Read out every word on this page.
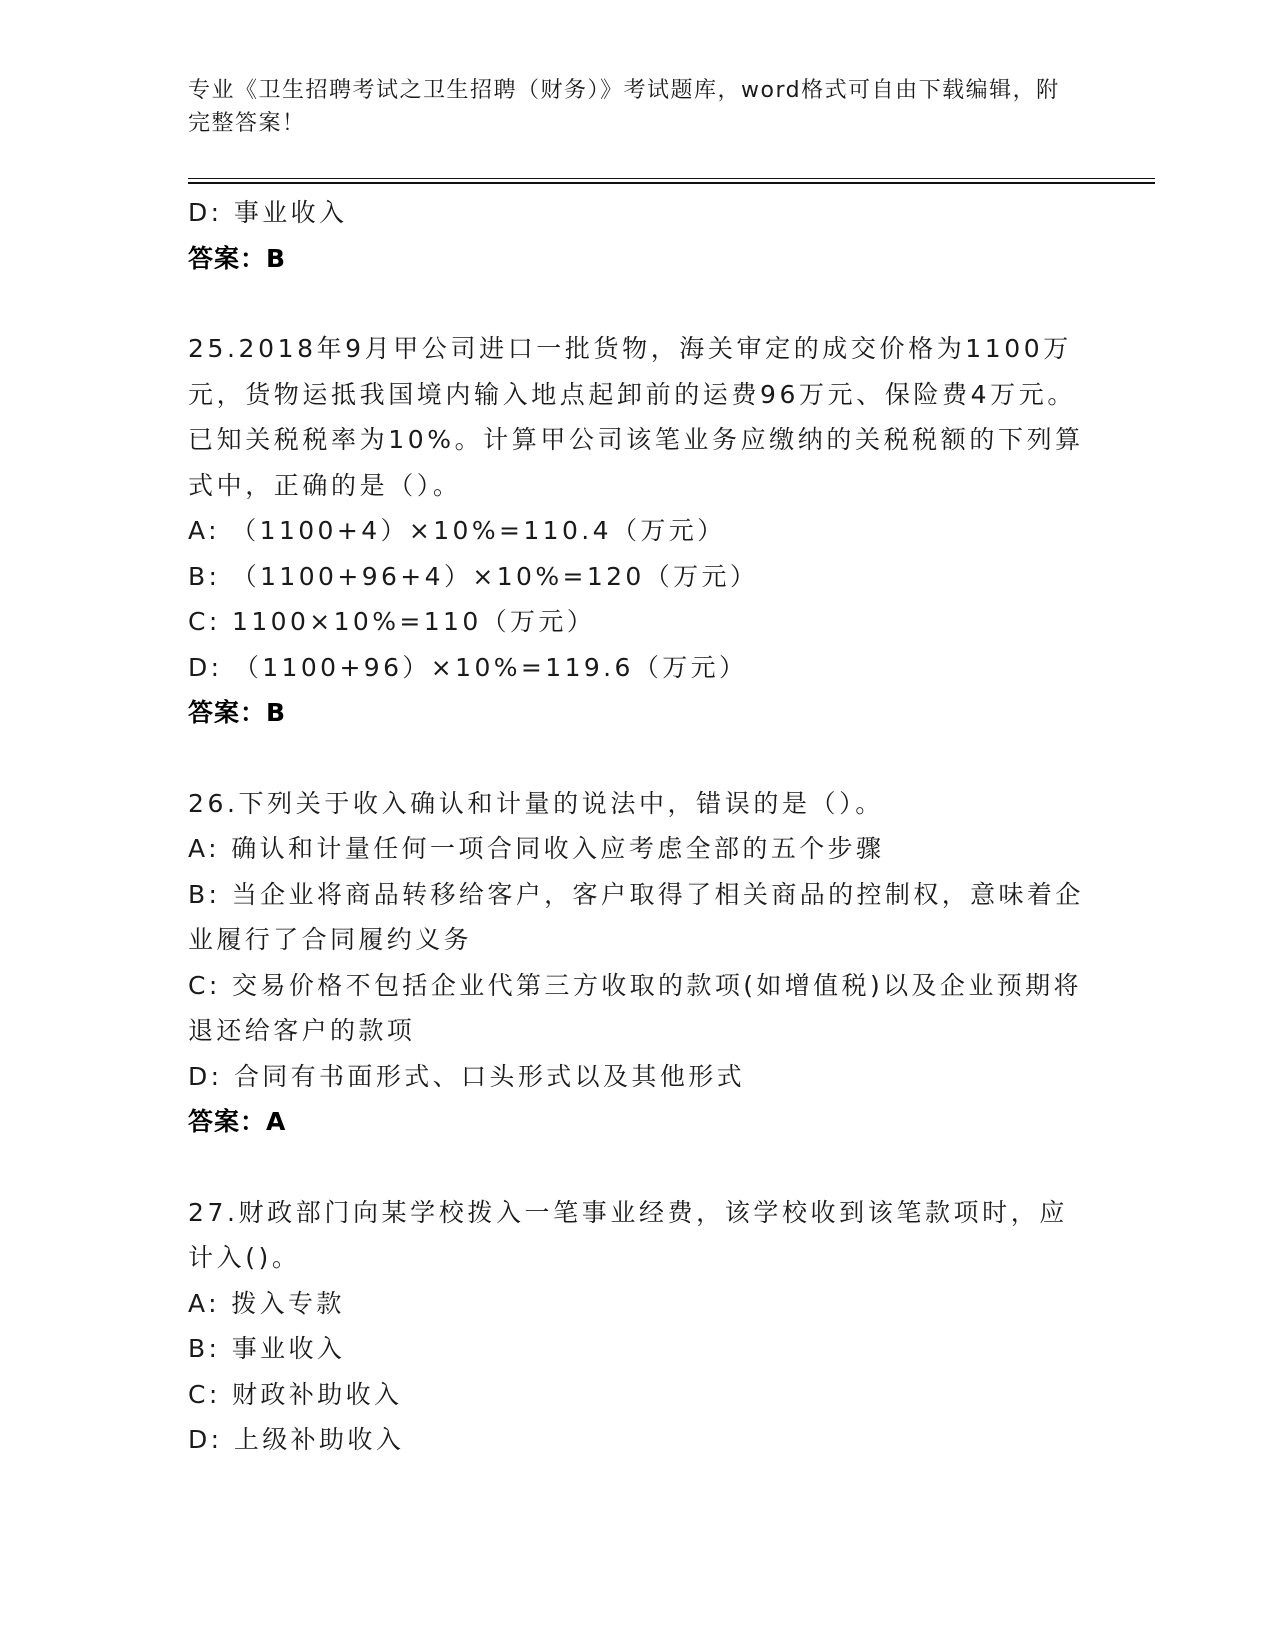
专业《卫生招聘考试之卫生招聘（财务）》考试题库，word格式可自由下载编辑，附完整答案！
D: 事业收入
答案：B
25.2018年9月甲公司进口一批货物，海关审定的成交价格为1100万元，货物运抵我国境内输入地点起卸前的运费96万元、保险费4万元。已知关税税率为10%。计算甲公司该笔业务应缴纳的关税税额的下列算式中，正确的是（）。
A: （1100+4）×10%=110.4（万元）
B: （1100+96+4）×10%=120（万元）
C: 1100×10%=110（万元）
D: （1100+96）×10%=119.6（万元）
答案：B
26.下列关于收入确认和计量的说法中，错误的是（）。
A: 确认和计量任何一项合同收入应考虑全部的五个步骤
B: 当企业将商品转移给客户，客户取得了相关商品的控制权，意味着企业履行了合同履约义务
C: 交易价格不包括企业代第三方收取的款项(如增值税)以及企业预期将退还给客户的款项
D: 合同有书面形式、口头形式以及其他形式
答案：A
27.财政部门向某学校拨入一笔事业经费，该学校收到该笔款项时，应计入()。
A: 拨入专款
B: 事业收入
C: 财政补助收入
D: 上级补助收入
